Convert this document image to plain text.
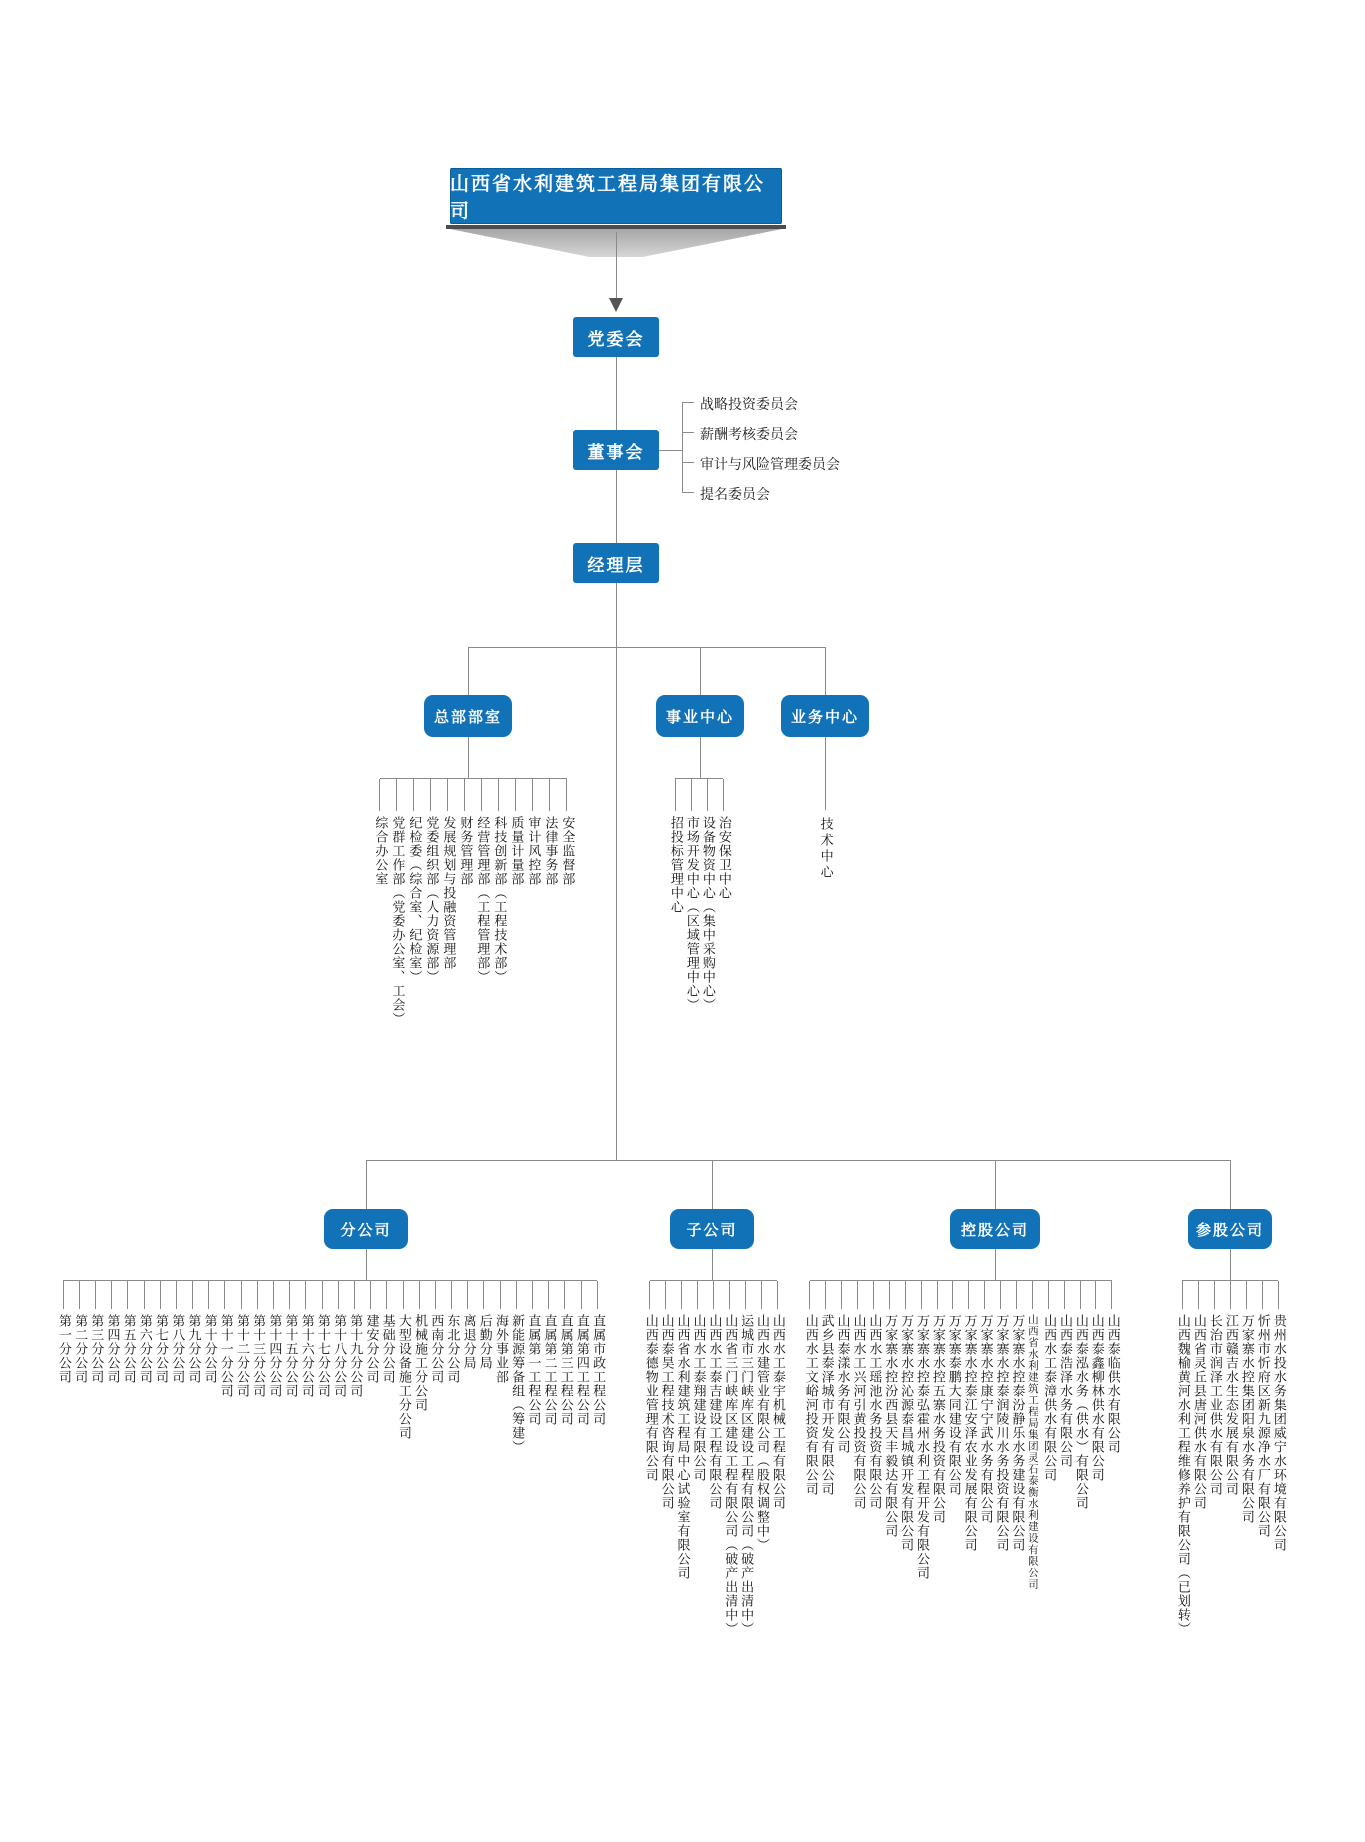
山西省水利建筑工程局集团有限公司
党委会
董事会
经理层
战略投资委员会
薪酬考核委员会
审计与风险管理委员会
提名委员会
总部部室	事业中心	业务中心
综合办公室 党群工作部（党委办公室、工会） 纪检委（综合室、纪检室） 党委组织部（人力资源部） 发展规划与投融资管理部 财务管理部 经营管理部（工程管理部） 科技创新部（工程技术部） 质量计量部 审计风控部 法律事务部 安全监督部	招投标管理中心 市场开发中心（区域管理中心） 设备物资中心（集中采购中心） 治安保卫中心	技术中心
分公司	子公司	控股公司	参股公司
第一分公司 第二分公司 第三分公司 第四分公司 第五分公司 第六分公司 第七分公司 第八分公司 第九分公司 第十分公司 第十一分公司 第十二分公司 第十三分公司 第十四分公司 第十五分公司 第十六分公司 第十七分公司 第十八分公司 第十九分公司 建安分公司 基础分公司 大型设备施工分公司 机械施工分公司 西南分公司 东北分公司 离退分局 后勤分局 海外事业部 新能源筹备组（筹建） 直属第一工程公司 直属第二工程公司 直属第三工程公司 直属第四工程公司 直属市政工程公司	山西泰德物业管理有限公司 山西泰昊工程技术咨询有限公司 山西省水利建筑工程局中心试验室有限公司 山西水工泰翔建设有限公司 山西水工泰吉建设工程有限公司 山西省三门峡库区建设工程有限公司（破产出清中） 运城市三门峡库区建设工程有限公司（破产出清中） 山西水建管业有限公司（股权调整中） 山西水工泰宇机械工程有限公司 山西水工文峪河投资有限公司 武乡县泰泽城市开发有限公司 山西泰漾水务有限公司 山西水工兴河引黄投资有限公司 山西水工瑶池水务投资有限公司 万家寨水控汾西县天丰毅达有限公司 万家寨水控沁源泰昌城镇开发有限公司 万家寨水控泰弘霍州水利工程开发有限公司 万家寨水控五寨水务投资有限公司 万家寨泰鹏大同建设有限公司 万家寨水控泰江安泽农业发展有限公司 万家寨水控康宁宁武水务有限公司 万家寨水控泰润陵川水务投资有限公司 万家寨水控泰汾静乐水务建设有限公司 山西省水利建筑工程局集团灵石泰衡水利建设有限公司 山西水工泰漳供水有限公司 山西泰浩泽水务有限公司 山西泰泓水务（供水）有限公司 山西泰鑫柳林供水有限公司 山西泰临供水有限公司	山西魏榆黄河水利工程维修养护有限公司（已划转） 山西省灵丘县唐河供水有限公司 长治市润泽工业供水有限公司 江西赣吉水生态发展有限公司 万家寨水控集团阳泉水务有限公司 忻州市忻府区新九源净水厂有限公司 贵州水投水务集团威宁水环境有限公司
